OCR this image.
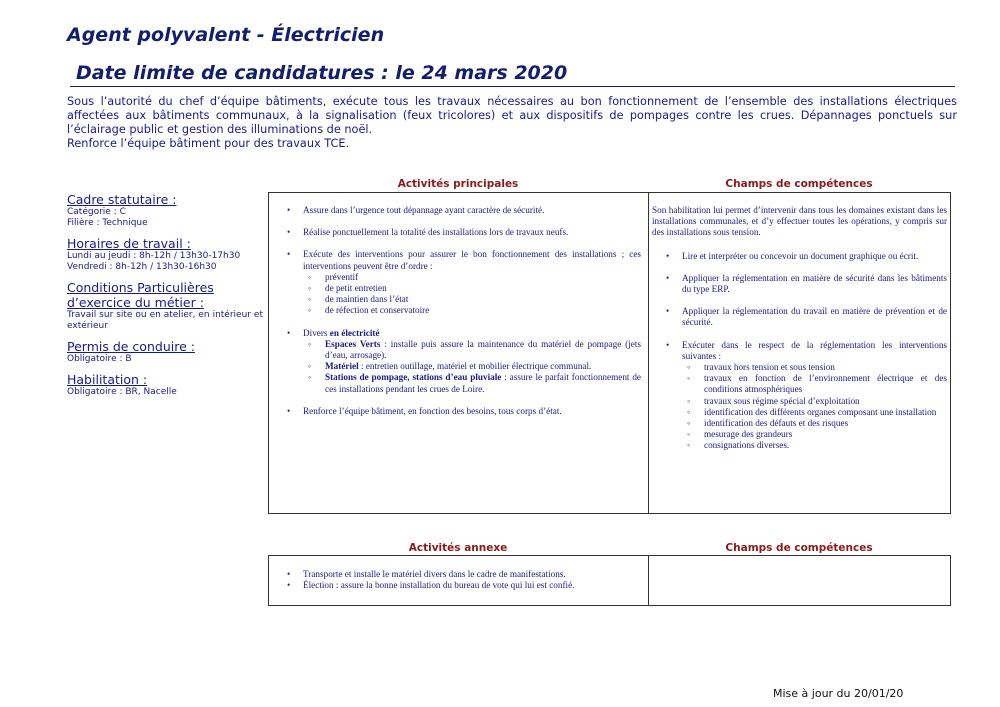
Agent polyvalent - Électricien
Date limite de candidatures : le 24 mars 2020

Sous l’autorité du chef d’équipe bâtiments, exécute tous les travaux nécessaires au bon fonctionnement de l’ensemble des installations électriques affectées aux bâtiments communaux, à la signalisation (feux tricolores) et aux dispositifs de pompages contre les crues. Dépannages ponctuels sur l’éclairage public et gestion des illuminations de noël.

Renforce l’équipe bâtiment pour des travaux TCE.

Cadre statutaire :
Catégorie : C
Filière : Technique
Horaires de travail :
Lundi au jeudi : 8h-12h / 13h30-17h30
Vendredi : 8h-12h / 13h30-16h30
Conditions Particulières
d’exercice du métier :
Travail sur site ou en atelier, en intérieur et extérieur
Permis de conduire :
Obligatoire : B
Habilitation :
Obligatoire : BR, Nacelle
Activités principales	Champs de compétences
• Assure dans l’urgence tout dépannage ayant caractère de sécurité.
• Réalise ponctuellement la totalité des installations lors de travaux neufs.
• Exécute des interventions pour assurer le bon fonctionnement des installations ; ces interventions peuvent être d’ordre :
◦ préventif
◦ de petit entretien
◦ de maintien dans l’état
◦ de réfection et conservatoire
• Divers en électricité
◦ Espaces Verts : installe puis assure la maintenance du matériel de pompage (jets d’eau, arrosage).
◦ Matériel : entretien outillage, matériel et mobilier électrique communal.
◦ Stations de pompage, stations d’eau pluviale : assure le parfait fonctionnement de ces installations pendant les crues de Loire.
• Renforce l’équipe bâtiment, en fonction des besoins, tous corps d’état.
Son habilitation lui permet d’intervenir dans tous les domaines existant dans les installations communales, et d’y effectuer toutes les opérations, y compris sur des installations sous tension.
• Lire et interpréter ou concevoir un document graphique ou écrit.
• Appliquer la réglementation en matière de sécurité dans les bâtiments du type ERP.
• Appliquer la réglementation du travail en matière de prévention et de sécurité.
• Exécuter dans le respect de la réglementation les interventions suivantes :
◦ travaux hors tension et sous tension
◦ travaux en fonction de l’environnement électrique et des conditions atmosphériques
◦ travaux sous régime spécial d’exploitation
◦ identification des différents organes composant une installation
◦ identification des défauts et des risques
◦ mesurage des grandeurs
◦ consignations diverses.
Activités annexe	Champs de compétences
• Transporte et installe le matériel divers dans le cadre de manifestations.
• Élection : assure la bonne installation du bureau de vote qui lui est confié.
Mise à jour du 20/01/20
